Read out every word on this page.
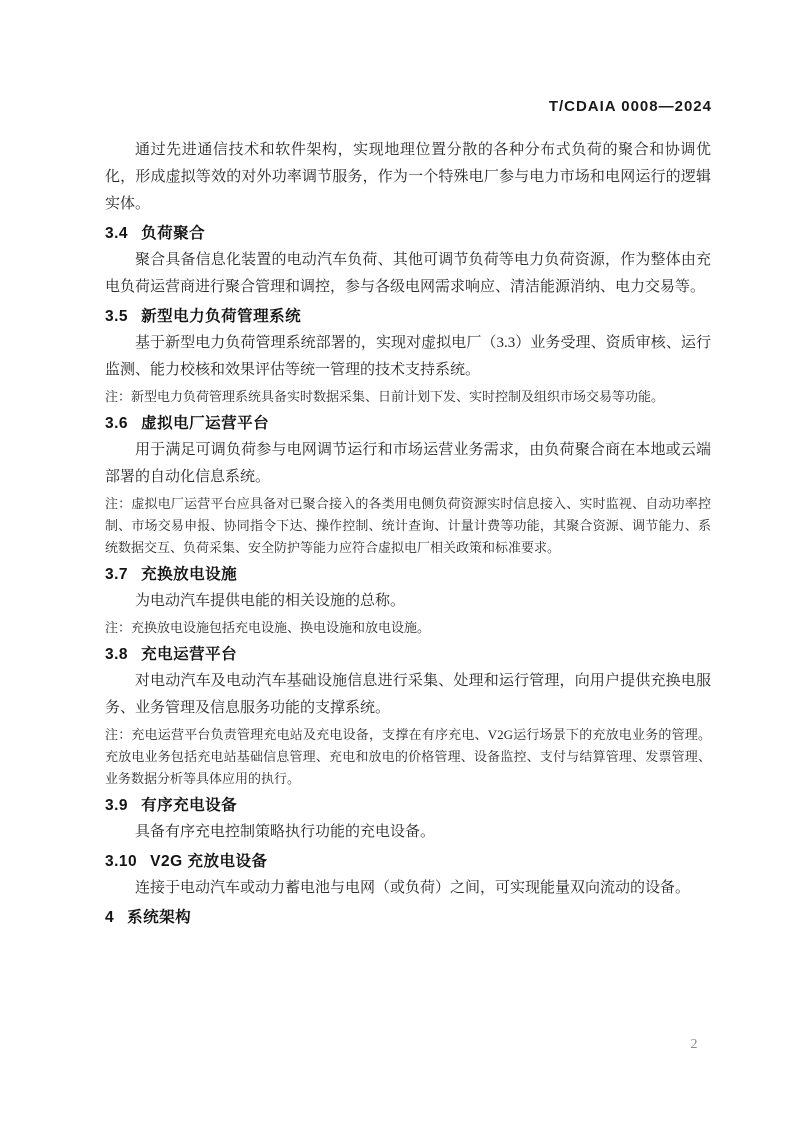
T/CDAIA 0008—2024

通过先进通信技术和软件架构，实现地理位置分散的各种分布式负荷的聚合和协调优化，形成虚拟等效的对外功率调节服务，作为一个特殊电厂参与电力市场和电网运行的逻辑实体。

3.4 负荷聚合

聚合具备信息化装置的电动汽车负荷、其他可调节负荷等电力负荷资源，作为整体由充电负荷运营商进行聚合管理和调控，参与各级电网需求响应、清洁能源消纳、电力交易等。

3.5 新型电力负荷管理系统

基于新型电力负荷管理系统部署的，实现对虚拟电厂（3.3）业务受理、资质审核、运行监测、能力校核和效果评估等统一管理的技术支持系统。

注：新型电力负荷管理系统具备实时数据采集、日前计划下发、实时控制及组织市场交易等功能。

3.6 虚拟电厂运营平台

用于满足可调负荷参与电网调节运行和市场运营业务需求，由负荷聚合商在本地或云端部署的自动化信息系统。

注：虚拟电厂运营平台应具备对已聚合接入的各类用电侧负荷资源实时信息接入、实时监视、自动功率控制、市场交易申报、协同指令下达、操作控制、统计查询、计量计费等功能，其聚合资源、调节能力、系统数据交互、负荷采集、安全防护等能力应符合虚拟电厂相关政策和标准要求。

3.7 充换放电设施

为电动汽车提供电能的相关设施的总称。

注：充换放电设施包括充电设施、换电设施和放电设施。

3.8 充电运营平台

对电动汽车及电动汽车基础设施信息进行采集、处理和运行管理，向用户提供充换电服务、业务管理及信息服务功能的支撑系统。

注：充电运营平台负责管理充电站及充电设备，支撑在有序充电、V2G运行场景下的充放电业务的管理。充放电业务包括充电站基础信息管理、充电和放电的价格管理、设备监控、支付与结算管理、发票管理、业务数据分析等具体应用的执行。

3.9 有序充电设备

具备有序充电控制策略执行功能的充电设备。

3.10 V2G 充放电设备

连接于电动汽车或动力蓄电池与电网（或负荷）之间，可实现能量双向流动的设备。

4 系统架构
2
